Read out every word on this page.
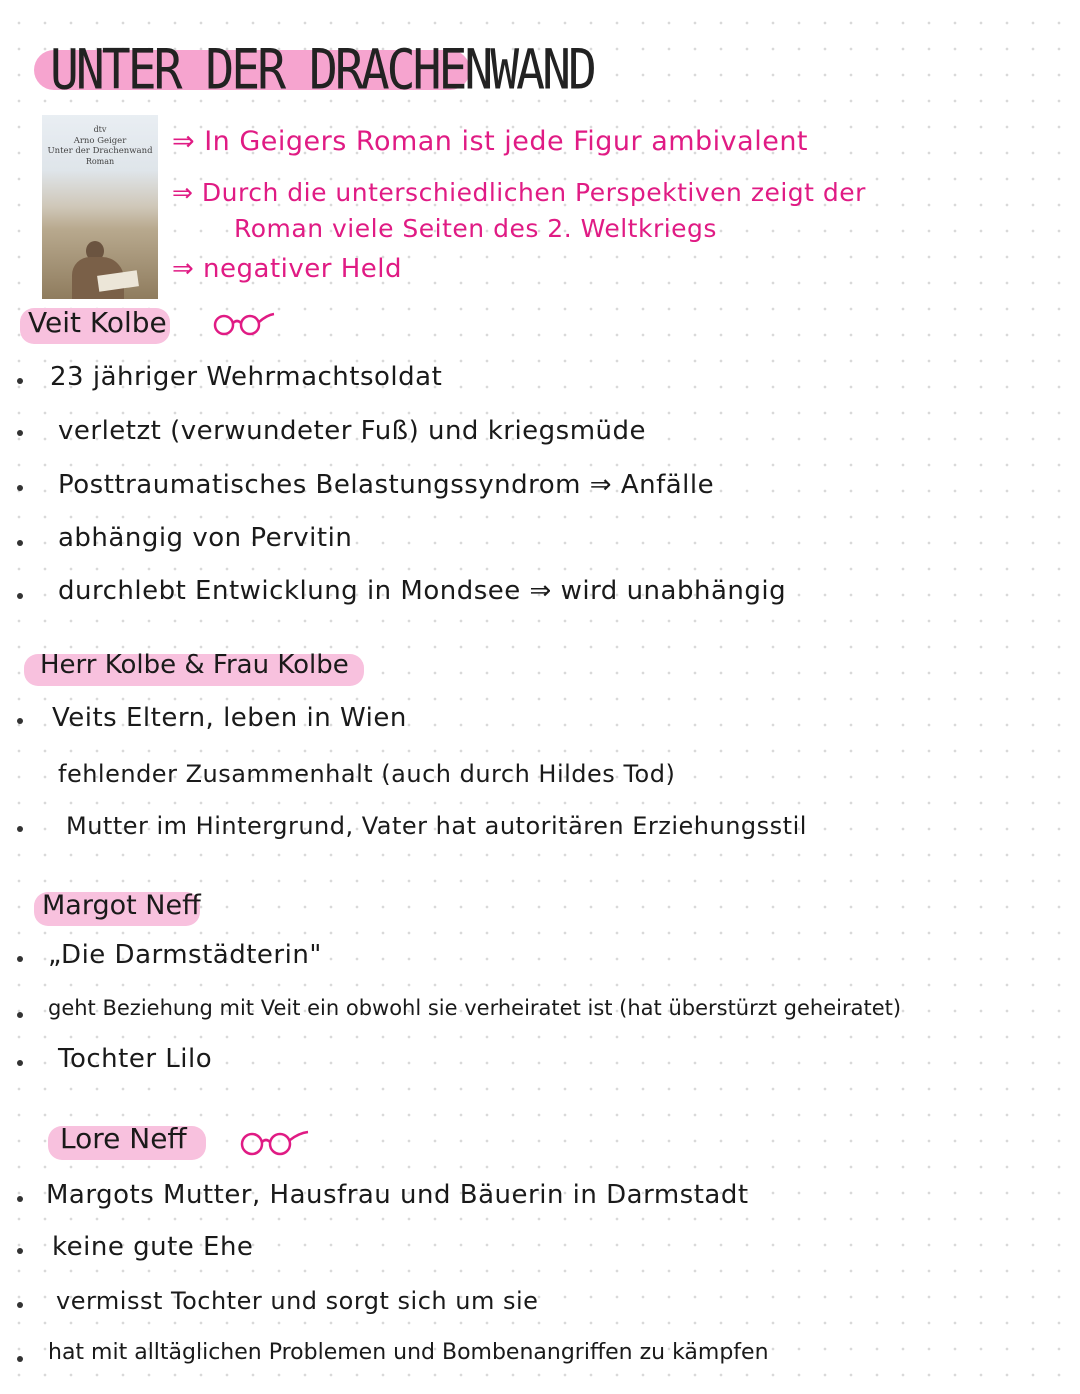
UNTER DER DRACHENWAND
dtv
Arno Geiger
Unter der Drachenwand
Roman
⇒ In Geigers Roman ist jede Figur ambivalent
⇒ Durch die unterschiedlichen Perspektiven zeigt der
Roman viele Seiten des 2. Weltkriegs
⇒ negativer Held
Veit Kolbe
23 jähriger Wehrmachtsoldat
verletzt (verwundeter Fuß) und kriegsmüde
Posttraumatisches Belastungssyndrom ⇒ Anfälle
abhängig von Pervitin
durchlebt Entwicklung in Mondsee ⇒ wird unabhängig
Herr Kolbe & Frau Kolbe
Veits Eltern, leben in Wien
fehlender Zusammenhalt (auch durch Hildes Tod)
Mutter im Hintergrund, Vater hat autoritären Erziehungsstil
Margot Neff
„Die Darmstädterin"
geht Beziehung mit Veit ein obwohl sie verheiratet ist (hat überstürzt geheiratet)
Tochter Lilo
Lore Neff
Margots Mutter, Hausfrau und Bäuerin in Darmstadt
keine gute Ehe
vermisst Tochter und sorgt sich um sie
hat mit alltäglichen Problemen und Bombenangriffen zu kämpfen
